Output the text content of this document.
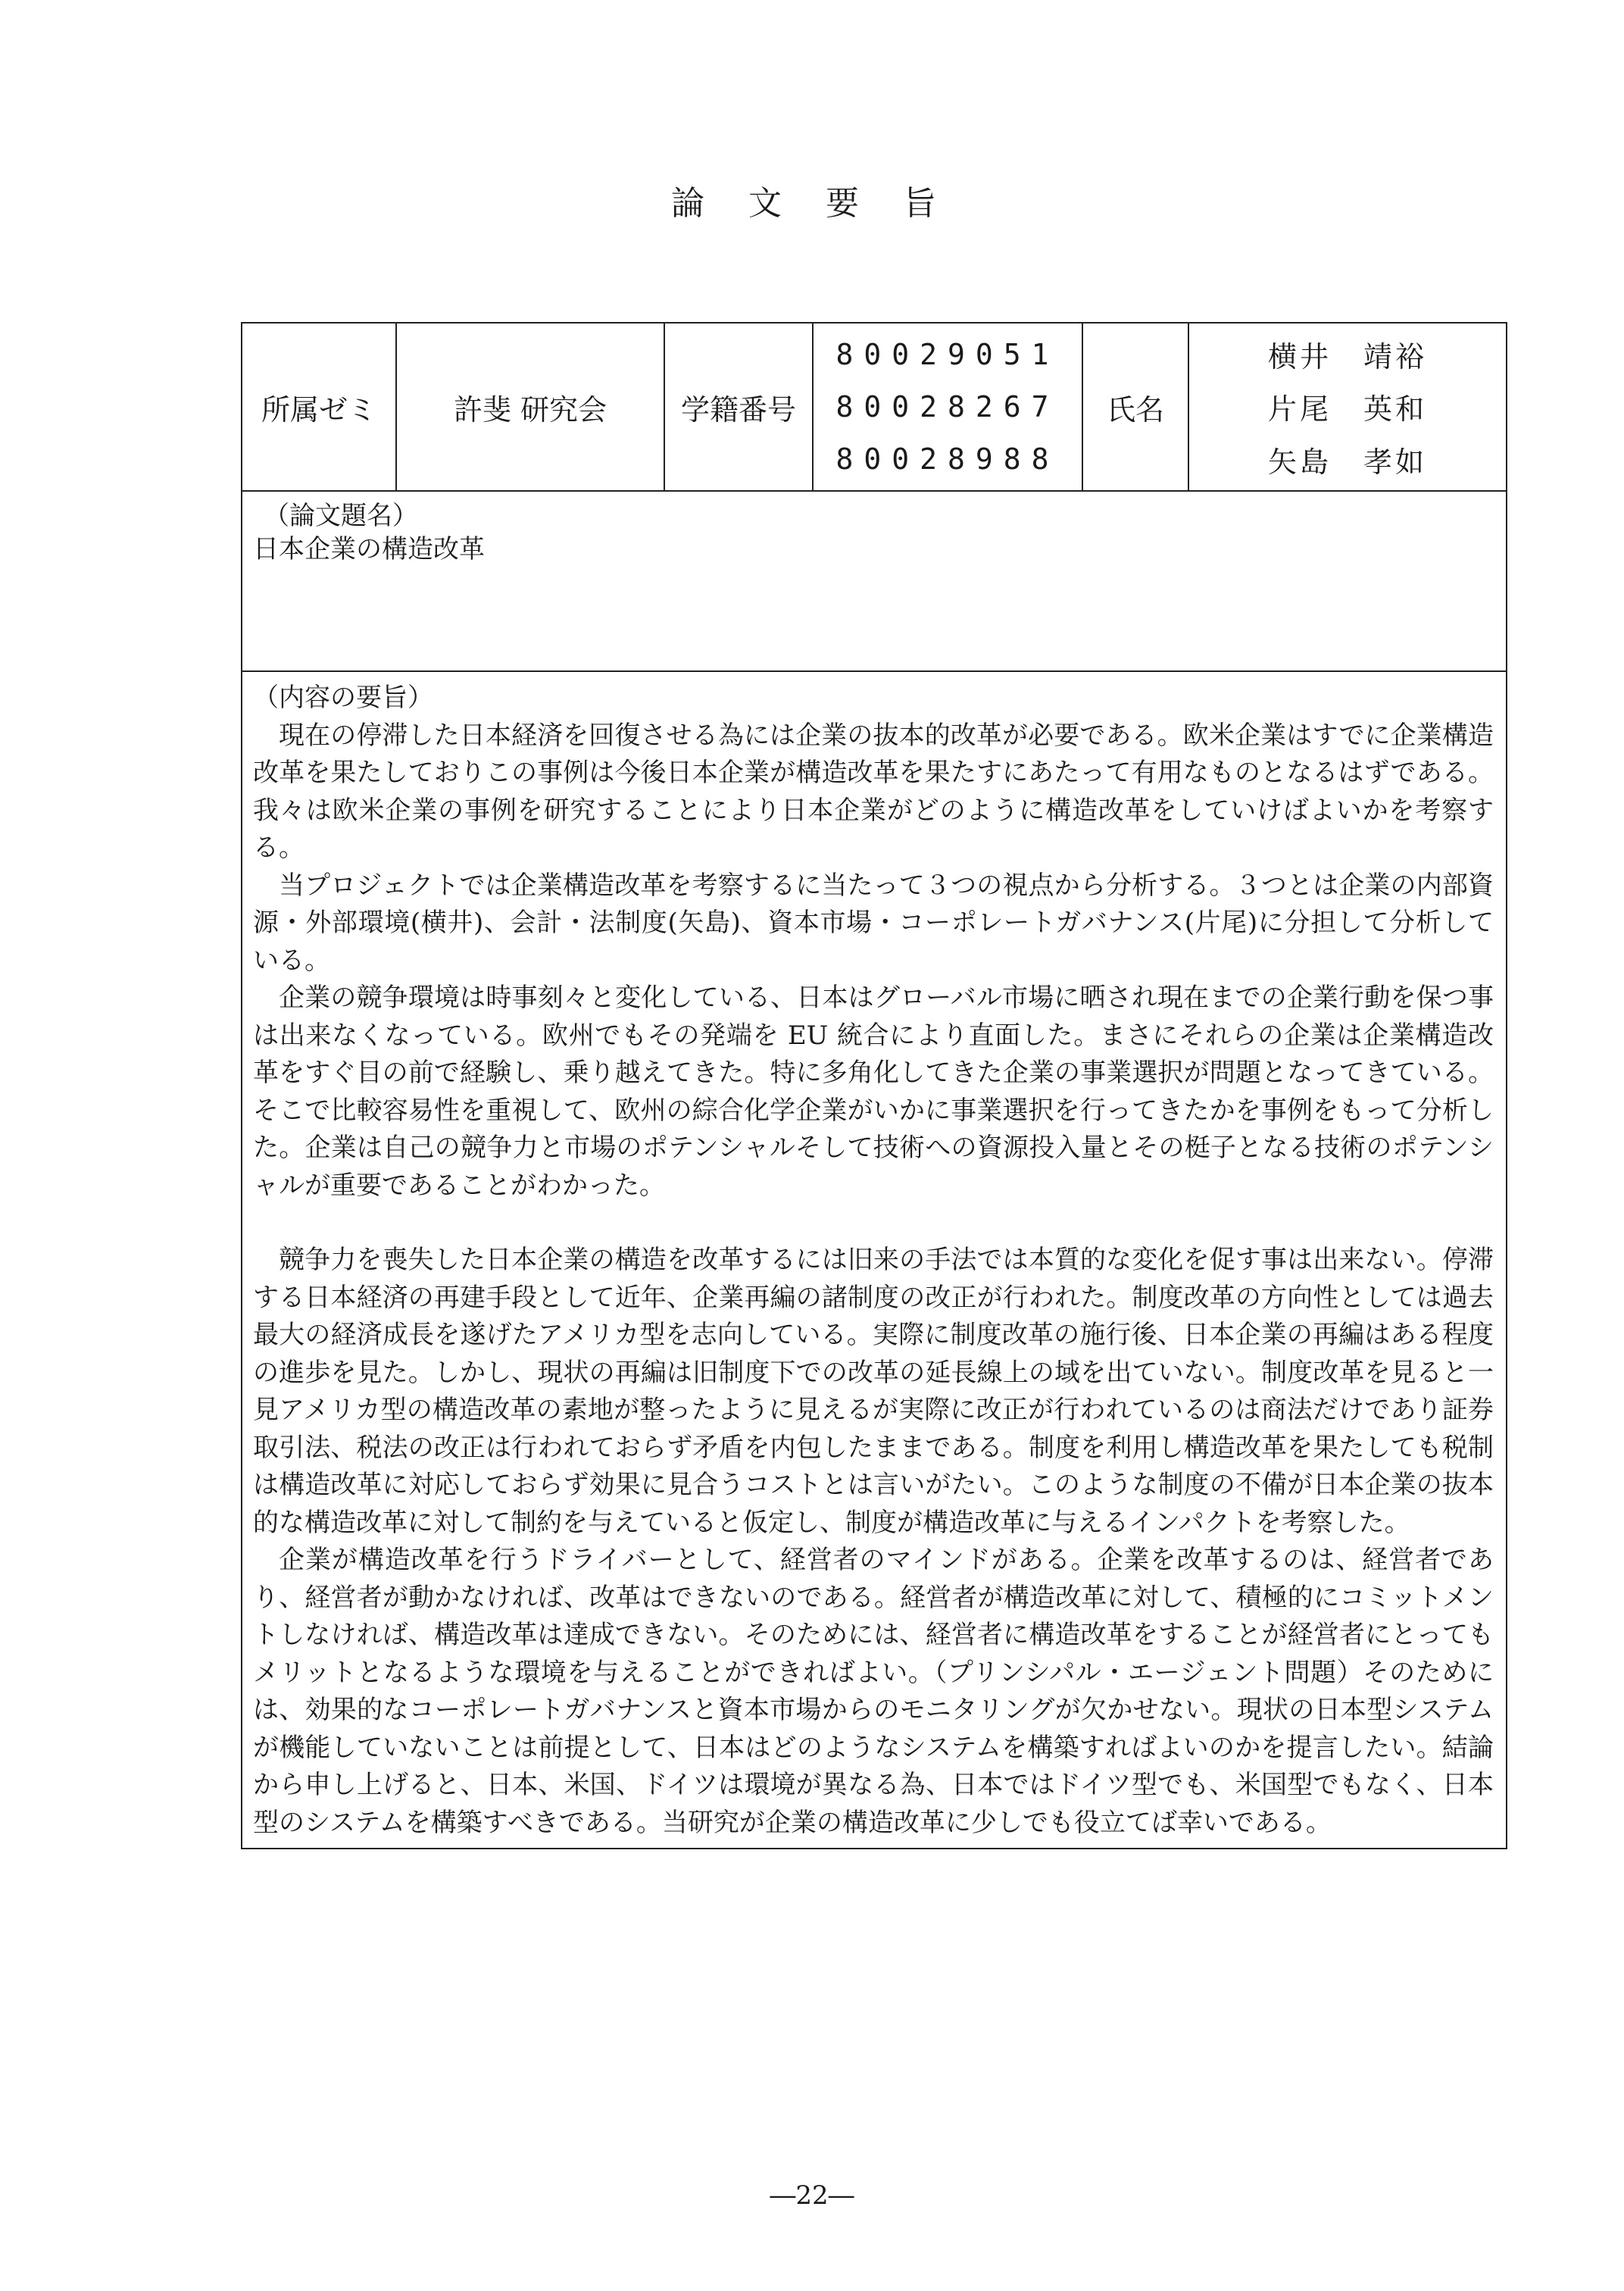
論 文 要 旨
所属ゼミ	許斐 研究会	学籍番号
80029051
80028267
80028988
氏名
横井　靖裕
片尾　英和
矢島　孝如
（論文題名）
日本企業の構造改革
（内容の要旨）

現在の停滞した日本経済を回復させる為には企業の抜本的改革が必要である。欧米企業はすでに企業構造改革を果たしておりこの事例は今後日本企業が構造改革を果たすにあたって有用なものとなるはずである。我々は欧米企業の事例を研究することにより日本企業がどのように構造改革をしていけばよいかを考察する。

当プロジェクトでは企業構造改革を考察するに当たって３つの視点から分析する。３つとは企業の内部資源・外部環境(横井)、会計・法制度(矢島)、資本市場・コーポレートガバナンス(片尾)に分担して分析している。

企業の競争環境は時事刻々と変化している、日本はグローバル市場に晒され現在までの企業行動を保つ事は出来なくなっている。欧州でもその発端を EU 統合により直面した。まさにそれらの企業は企業構造改革をすぐ目の前で経験し、乗り越えてきた。特に多角化してきた企業の事業選択が問題となってきている。そこで比較容易性を重視して、欧州の綜合化学企業がいかに事業選択を行ってきたかを事例をもって分析した。企業は自己の競争力と市場のポテンシャルそして技術への資源投入量とその梃子となる技術のポテンシャルが重要であることがわかった。

競争力を喪失した日本企業の構造を改革するには旧来の手法では本質的な変化を促す事は出来ない。停滞する日本経済の再建手段として近年、企業再編の諸制度の改正が行われた。制度改革の方向性としては過去最大の経済成長を遂げたアメリカ型を志向している。実際に制度改革の施行後、日本企業の再編はある程度の進歩を見た。しかし、現状の再編は旧制度下での改革の延長線上の域を出ていない。制度改革を見ると一見アメリカ型の構造改革の素地が整ったように見えるが実際に改正が行われているのは商法だけであり証券取引法、税法の改正は行われておらず矛盾を内包したままである。制度を利用し構造改革を果たしても税制は構造改革に対応しておらず効果に見合うコストとは言いがたい。このような制度の不備が日本企業の抜本的な構造改革に対して制約を与えていると仮定し、制度が構造改革に与えるインパクトを考察した。

企業が構造改革を行うドライバーとして、経営者のマインドがある。企業を改革するのは、経営者であり、経営者が動かなければ、改革はできないのである。経営者が構造改革に対して、積極的にコミットメントしなければ、構造改革は達成できない。そのためには、経営者に構造改革をすることが経営者にとってもメリットとなるような環境を与えることができればよい。（プリンシパル・エージェント問題）そのためには、効果的なコーポレートガバナンスと資本市場からのモニタリングが欠かせない。現状の日本型システムが機能していないことは前提として、日本はどのようなシステムを構築すればよいのかを提言したい。結論から申し上げると、日本、米国、ドイツは環境が異なる為、日本ではドイツ型でも、米国型でもなく、日本型のシステムを構築すべきである。当研究が企業の構造改革に少しでも役立てば幸いである。

―22―
